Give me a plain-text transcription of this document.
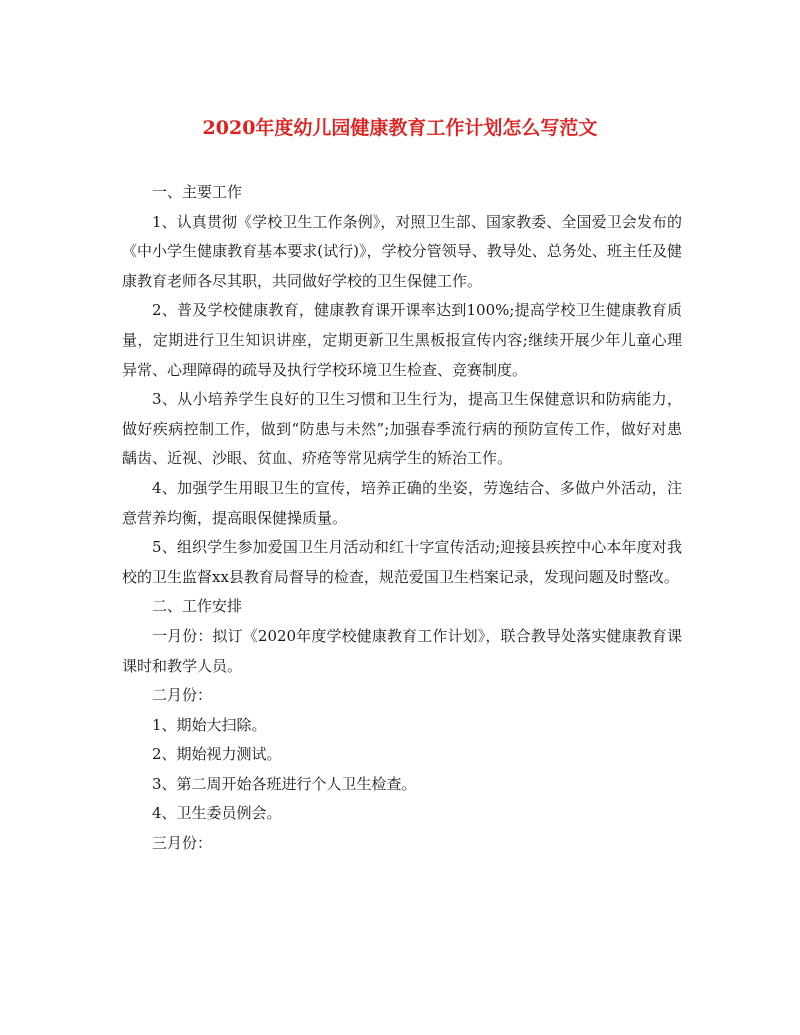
2020年度幼儿园健康教育工作计划怎么写范文

一、主要工作

1、认真贯彻《学校卫生工作条例》，对照卫生部、国家教委、全国爱卫会发布的《中小学生健康教育基本要求(试行)》，学校分管领导、教导处、总务处、班主任及健康教育老师各尽其职，共同做好学校的卫生保健工作。

2、普及学校健康教育，健康教育课开课率达到100%;提高学校卫生健康教育质量，定期进行卫生知识讲座，定期更新卫生黑板报宣传内容;继续开展少年儿童心理异常、心理障碍的疏导及执行学校环境卫生检查、竞赛制度。

3、从小培养学生良好的卫生习惯和卫生行为，提高卫生保健意识和防病能力，做好疾病控制工作，做到“防患与未然”;加强春季流行病的预防宣传工作，做好对患龋齿、近视、沙眼、贫血、疥疮等常见病学生的矫治工作。

4、加强学生用眼卫生的宣传，培养正确的坐姿，劳逸结合、多做户外活动，注意营养均衡，提高眼保健操质量。

5、组织学生参加爱国卫生月活动和红十字宣传活动;迎接县疾控中心本年度对我校的卫生监督xx县教育局督导的检查，规范爱国卫生档案记录，发现问题及时整改。

二、工作安排

一月份：拟订《2020年度学校健康教育工作计划》，联合教导处落实健康教育课课时和教学人员。

二月份：

1、期始大扫除。

2、期始视力测试。

3、第二周开始各班进行个人卫生检查。

4、卫生委员例会。

三月份：
